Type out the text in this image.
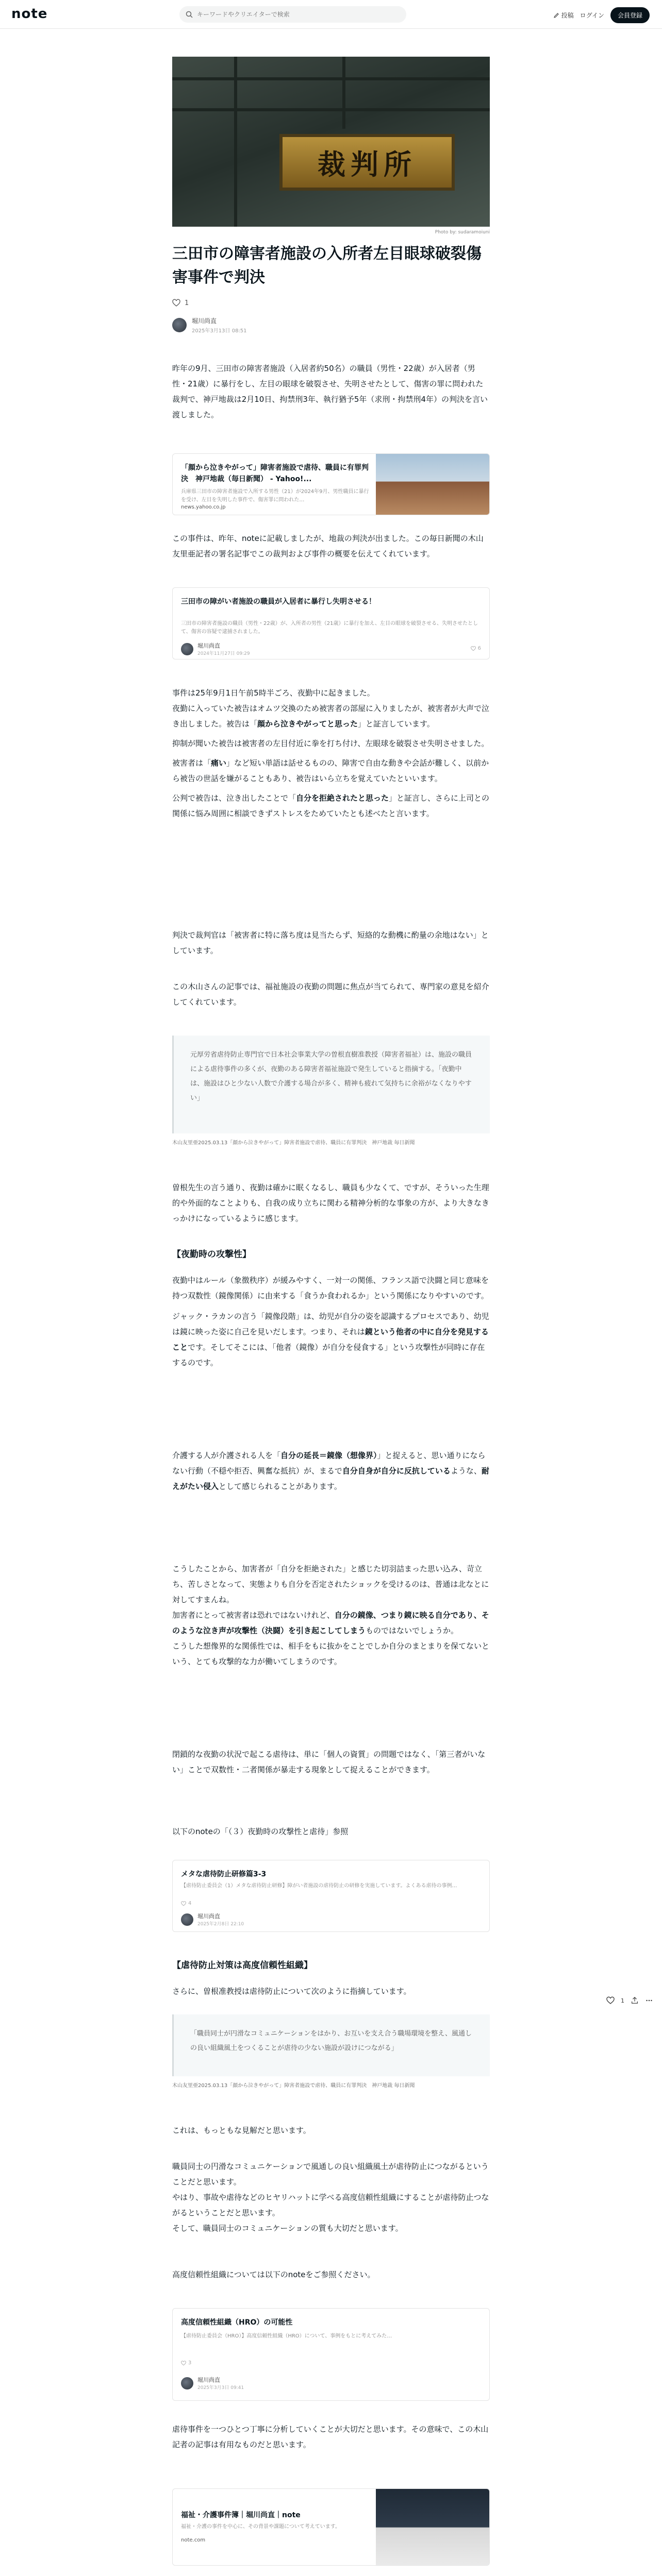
note
キーワードやクリエイターで検索	投稿 ログイン	会員登録
裁判所
Photo by: sudaramoiuni
三田市の障害者施設の入所者左目眼球破裂傷害事件で判決
1
堀川尚直
2025年3月13日 08:51

昨年の9月、三田市の障害者施設（入居者約50名）の職員（男性・22歳）が入居者（男性・21歳）に暴行をし、左目の眼球を破裂させ、失明させたとして、傷害の罪に問われた裁判で、神戸地裁は2月10日、拘禁刑3年、執行猶予5年（求刑・拘禁刑4年）の判決を言い渡しました。

「顔から泣きやがって」障害者施設で虐待、職員に有罪判決　神戸地裁（毎日新聞） - Yahoo!...
兵庫県三田市の障害者施設で入所する男性（21）が2024年9月、男性職員に暴行を受け、左目を失明した事件で、傷害罪に問われた…
news.yahoo.co.jp

この事件は、昨年、noteに記載しましたが、地裁の判決が出ました。この毎日新聞の木山友里亜記者の署名記事でこの裁判および事件の概要を伝えてくれています。

三田市の障がい者施設の職員が入居者に暴行し失明させる！
三田市の障害者施設の職員（男性・22歳）が、入所者の男性（21歳）に暴行を加え、左目の眼球を破裂させる、失明させたとして、傷害の容疑で逮捕されました。
堀川尚直
2024年11月27日 09:29
6

事件は25年9月1日午前5時半ごろ、夜勤中に起きました。

夜勤に入っていた被告はオムツ交換のため被害者の部屋に入りましたが、被害者が大声で泣き出しました。被告は「顔から泣きやがってと思った」と証言しています。

抑制が聞いた被告は被害者の左目付近に拳を打ち付け、左眼球を破裂させ失明させました。

被害者は「痛い」など短い単語は話せるものの、障害で自由な動きや会話が難しく、以前から被告の世話を嫌がることもあり、被告はいら立ちを覚えていたといいます。

公判で被告は、泣き出したことで「自分を拒絶されたと思った」と証言し、さらに上司との関係に悩み周囲に相談できずストレスをためていたとも述べたと言います。

判決で裁判官は「被害者に特に落ち度は見当たらず、短絡的な動機に酌量の余地はない」としています。

この木山さんの記事では、福祉施設の夜勤の問題に焦点が当てられて、専門家の意見を紹介してくれています。

元厚労省虐待防止専門官で日本社会事業大学の曽根直樹准教授（障害者福祉）は、施設の職員による虐待事件の多くが、夜勤のある障害者福祉施設で発生していると指摘する。「夜勤中は、施設はひと少ない人数で介護する場合が多く、精神も疲れて気持ちに余裕がなくなりやすい」
木山友里亜2025.03.13「顔から泣きやがって」障害者施設で虐待、職員に有罪判決　神戸地裁 毎日新聞

曽根先生の言う通り、夜勤は確かに眠くなるし、職員も少なくて、ですが、そういった生理的や外面的なことよりも、自我の成り立ちに関わる精神分析的な事象の方が、より大きなきっかけになっているように感じます。

【夜勤時の攻撃性】

夜勤中はルール（象徴秩序）が緩みやすく、一対一の関係、フランス語で決闘と同じ意味を持つ双数性（鏡像関係）に由来する「食うか食われるか」という関係になりやすいのです。

ジャック・ラカンの言う「鏡像段階」は、幼児が自分の姿を認識するプロセスであり、幼児は鏡に映った姿に自己を見いだします。つまり、それは鏡という他者の中に自分を発見することです。そしてそこには、「他者（鏡像）が自分を侵食する」という攻撃性が同時に存在するのです。

介護する人が介護される人を「自分の延長＝鏡像（想像界）」と捉えると、思い通りにならない行動（不穏や拒否、興奮な抵抗）が、まるで自分自身が自分に反抗しているような、耐えがたい侵入として感じられることがあります。

こうしたことから、加害者が「自分を拒絶された」と感じた切羽詰まった思い込み、苛立ち、苦しさとなって、実態よりも自分を否定されたショックを受けるのは、普通は北なとに対してすまんね。

加害者にとって被害者は恐れではないけれど、自分の鏡像、つまり鏡に映る自分であり、そのような泣き声が攻撃性（決闘）を引き起こしてしまうものではないでしょうか。

こうした想像界的な関係性では、相手をもに抜かをことでしか自分のまとまりを保てないという、とても攻撃的な力が働いてしまうのです。

閉鎖的な夜勤の状況で起こる虐待は、単に「個人の資質」の問題ではなく、「第三者がいない」ことで双数性・二者関係が暴走する現象として捉えることができます。

以下のnoteの「（３）夜勤時の攻撃性と虐待」参照

メタな虐待防止研修篇3-3
【虐待防止委員会（1）メタな虐待防止研修】障がい者施設の虐待防止の研修を実施しています。よくある虐待の事例…
堀川尚直
2025年2月8日 22:10
4
【虐待防止対策は高度信頼性組織】

さらに、曽根准教授は虐待防止について次のように指摘しています。

「職員同士が円滑なコミュニケーションをはかり、お互いを支え合う職場環境を整え、風通しの良い組織風土をつくることが虐待の少ない施設が設けにつながる」
木山友里亜2025.03.13「顔から泣きやがって」障害者施設で虐待、職員に有罪判決　神戸地裁 毎日新聞

これは、もっともな見解だと思います。

職員同士の円滑なコミュニケーションで風通しの良い組織風土が虐待防止につながるということだと思います。

やはり、事故や虐待などのヒヤリハットに学べる高度信頼性組織にすることが虐待防止つながるということだと思います。

そして、職員同士のコミュニケーションの質も大切だと思います。

高度信頼性組織については以下のnoteをご参照ください。

高度信頼性組織（HRO）の可能性
【虐待防止委員会（HRO）】高度信頼性組織（HRO）について、事例をもとに考えてみた…
3
堀川尚直
2025年3月3日 09:41

虐待事件を一つひとつ丁寧に分析していくことが大切だと思います。その意味で、この木山記者の記事は有用なものだと思います。

福祉・介護事件簿｜堀川尚直｜note
福祉・介護の事件を中心に、その背景や課題について考えています。
note.com
1
